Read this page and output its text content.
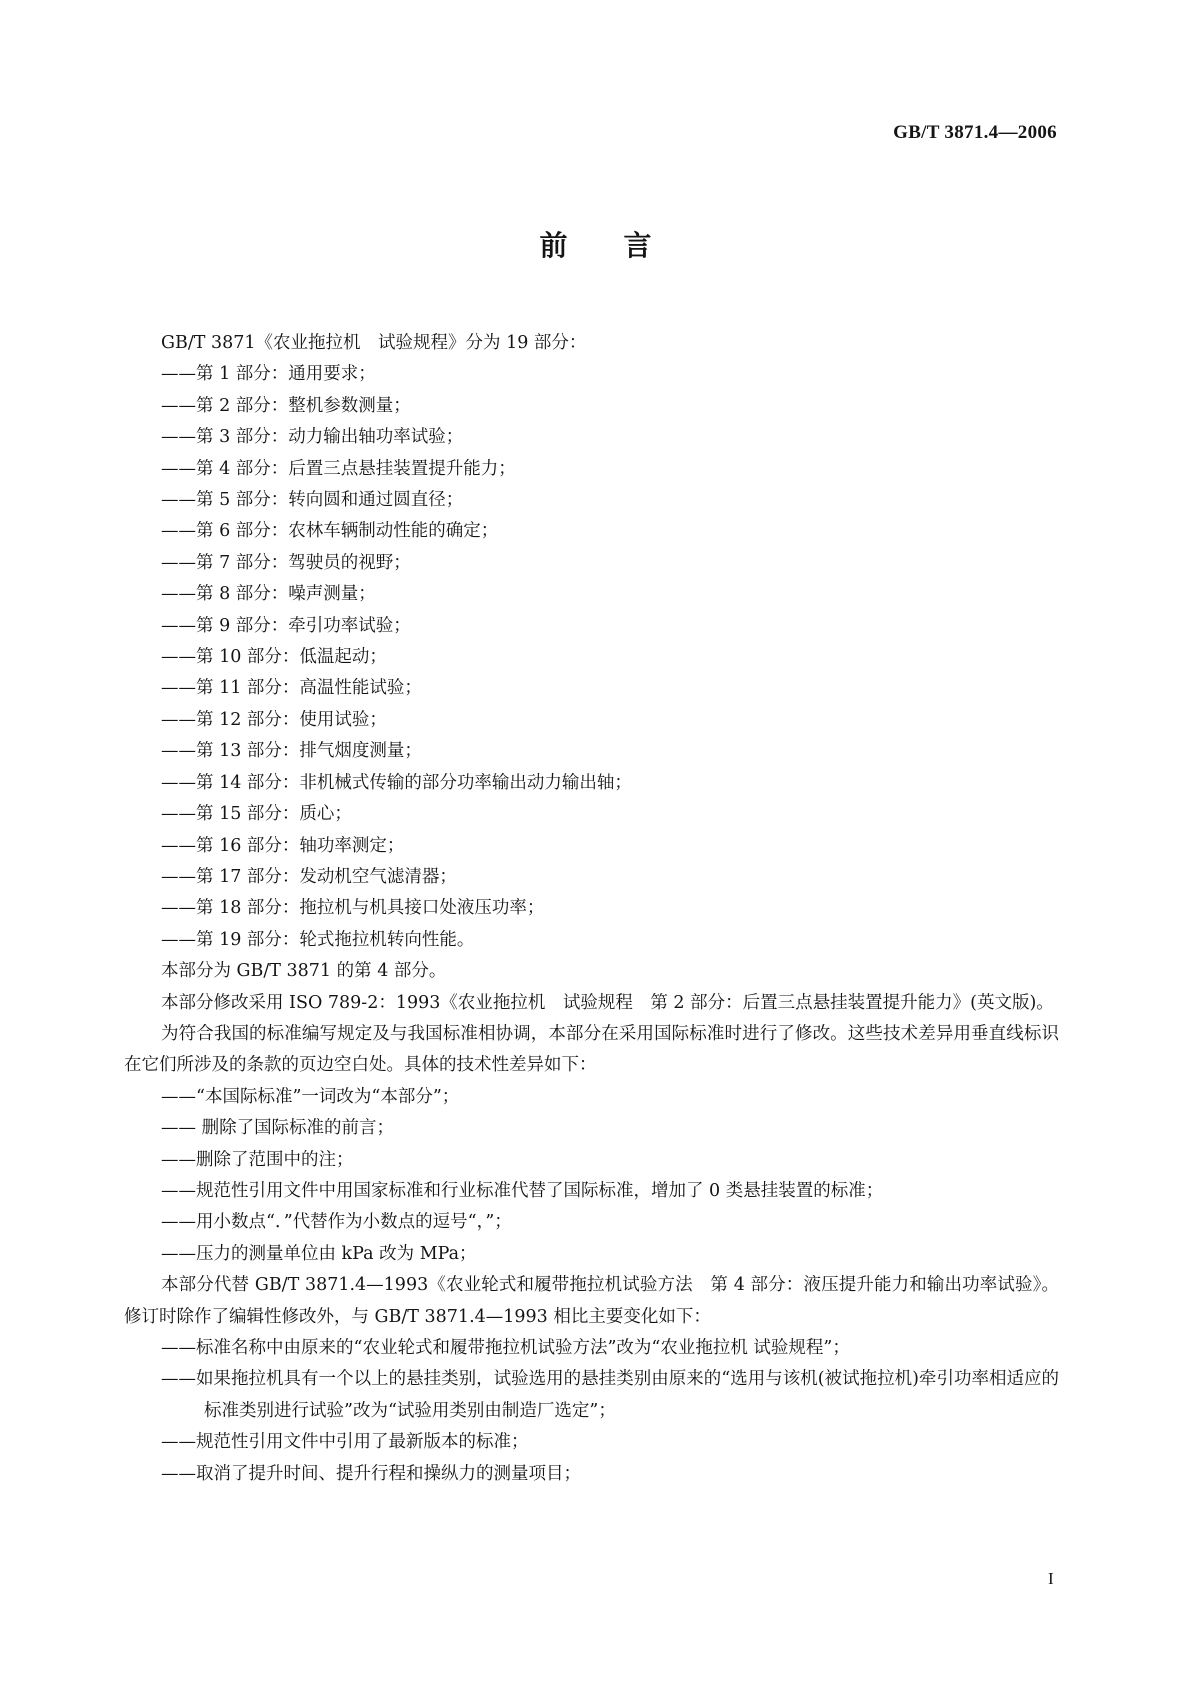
GB/T 3871.4—2006
前言

GB/T 3871《农业拖拉机　试验规程》分为 19 部分：

——第 1 部分：通用要求；

——第 2 部分：整机参数测量；

——第 3 部分：动力输出轴功率试验；

——第 4 部分：后置三点悬挂装置提升能力；

——第 5 部分：转向圆和通过圆直径；

——第 6 部分：农林车辆制动性能的确定；

——第 7 部分：驾驶员的视野；

——第 8 部分：噪声测量；

——第 9 部分：牵引功率试验；

——第 10 部分：低温起动；

——第 11 部分：高温性能试验；

——第 12 部分：使用试验；

——第 13 部分：排气烟度测量；

——第 14 部分：非机械式传输的部分功率输出动力输出轴；

——第 15 部分：质心；

——第 16 部分：轴功率测定；

——第 17 部分：发动机空气滤清器；

——第 18 部分：拖拉机与机具接口处液压功率；

——第 19 部分：轮式拖拉机转向性能。

本部分为 GB/T 3871 的第 4 部分。

本部分修改采用 ISO 789-2：1993《农业拖拉机　试验规程　第 2 部分：后置三点悬挂装置提升能力》(英文版)。

为符合我国的标准编写规定及与我国标准相协调，本部分在采用国际标准时进行了修改。这些技术差异用垂直线标识在它们所涉及的条款的页边空白处。具体的技术性差异如下：

——“本国际标准”一词改为“本部分”；

—— 删除了国际标准的前言；

——删除了范围中的注；

——规范性引用文件中用国家标准和行业标准代替了国际标准，增加了 0 类悬挂装置的标准；

——用小数点“．”代替作为小数点的逗号“，”；

——压力的测量单位由 kPa 改为 MPa；

本部分代替 GB/T 3871.4—1993《农业轮式和履带拖拉机试验方法　第 4 部分：液压提升能力和输出功率试验》。修订时除作了编辑性修改外，与 GB/T 3871.4—1993 相比主要变化如下：

——标准名称中由原来的“农业轮式和履带拖拉机试验方法”改为“农业拖拉机 试验规程”；

——如果拖拉机具有一个以上的悬挂类别，试验选用的悬挂类别由原来的“选用与该机(被试拖拉机)牵引功率相适应的标准类别进行试验”改为“试验用类别由制造厂选定”；

——规范性引用文件中引用了最新版本的标准；

——取消了提升时间、提升行程和操纵力的测量项目；

I
